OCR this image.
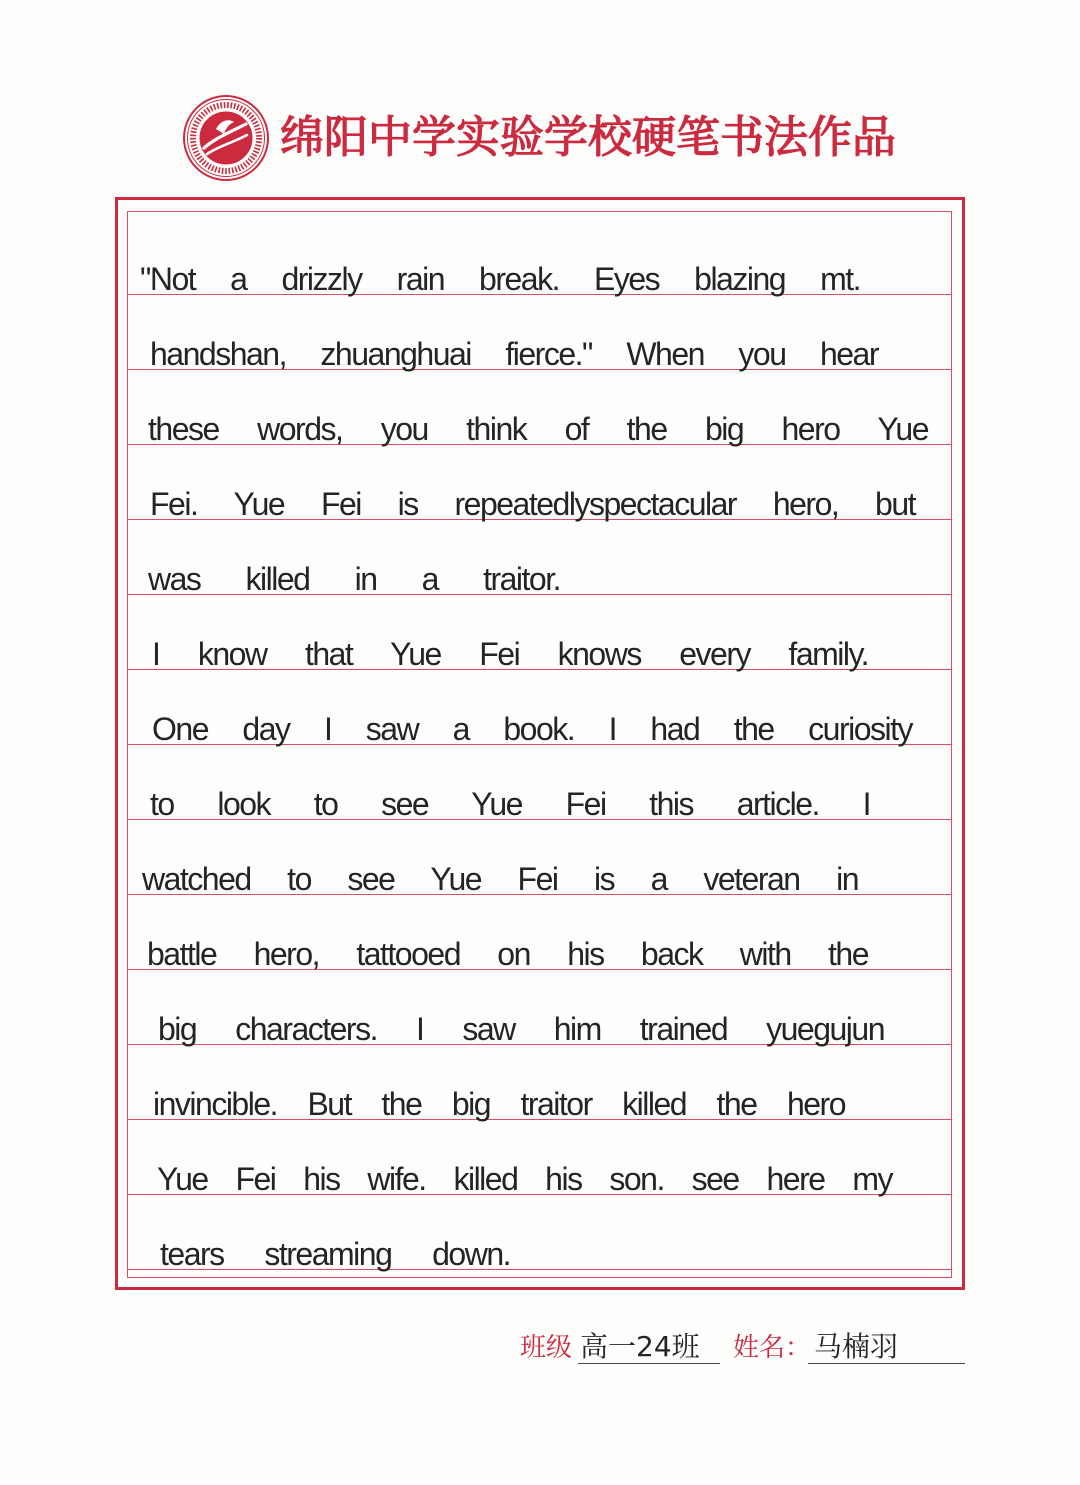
绵阳中学实验学校硬笔书法作品
"Not a drizzly rain break. Eyes blazing mt.
handshan, zhuanghuai fierce." When you hear
these words, you think of the big hero Yue
Fei. Yue Fei is repeatedlyspectacular hero, but
was killed in a traitor.
I know that Yue Fei knows every family.
One day I saw a book. I had the curiosity
to look to see Yue Fei this article. I
watched to see Yue Fei is a veteran in
battle hero, tattooed on his back with the
big characters. I saw him trained yuegujun
invincible. But the big traitor killed the hero
Yue Fei his wife. killed his son. see here my
tears streaming down.
班级 高一24班 姓名： 马楠羽
